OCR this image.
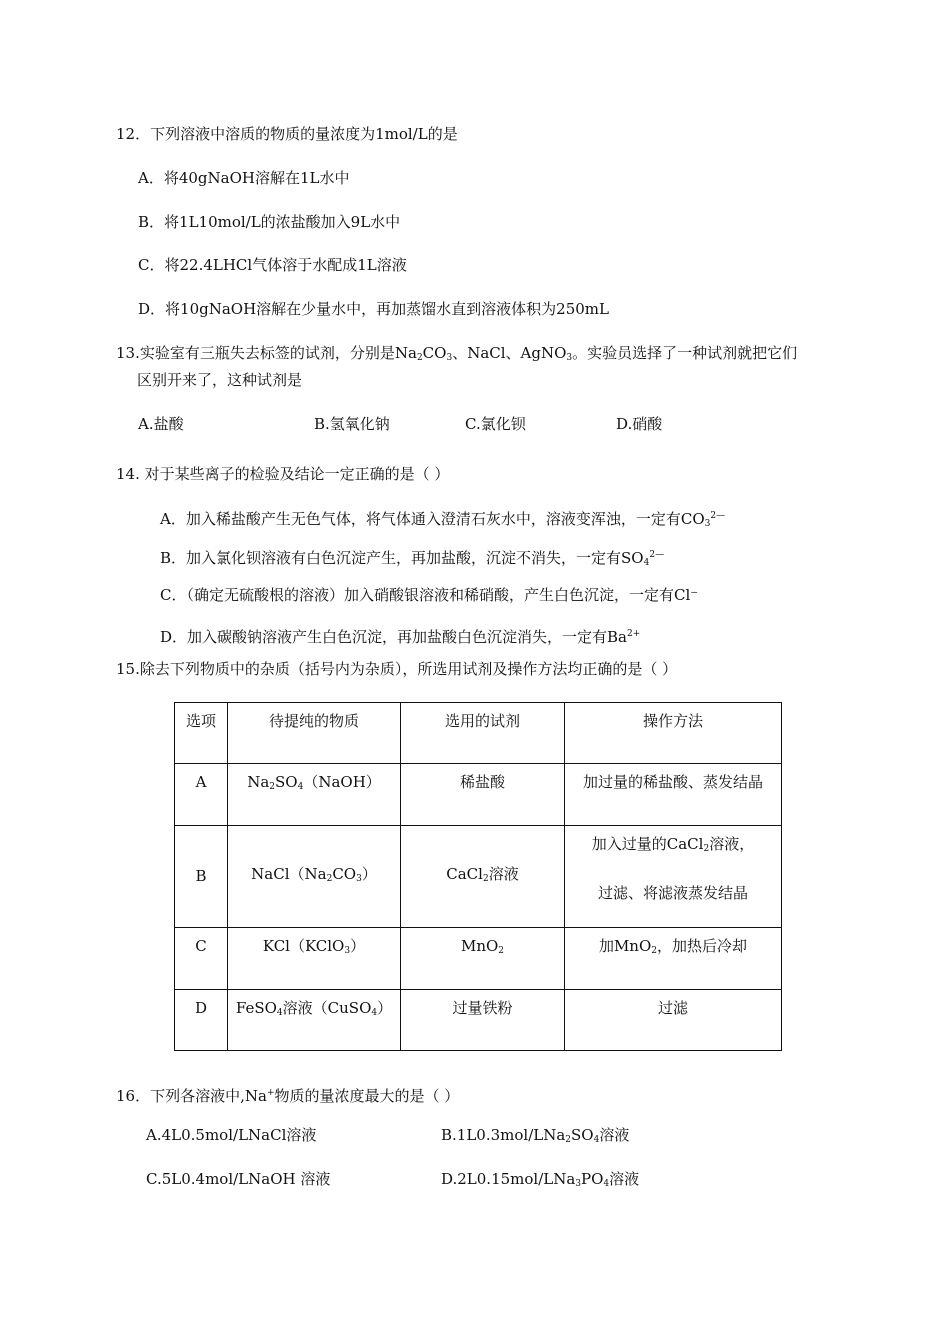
12．下列溶液中溶质的物质的量浓度为1mol/L的是
A．将40gNaOH溶解在1L水中
B．将1L10mol/L的浓盐酸加入9L水中
C．将22.4LHCl气体溶于水配成1L溶液
D．将10gNaOH溶解在少量水中，再加蒸馏水直到溶液体积为250mL
13.实验室有三瓶失去标签的试剂，分别是$Na_2CO_3$、NaCl、AgNO$_3$。实验员选择了一种试剂就把它们
区别开来了，这种试剂是
A.盐酸	B.氢氧化钠	C.氯化钡	D.硝酸
14. 对于某些离子的检验及结论一定正确的是（ ）
A．加入稀盐酸产生无色气体，将气体通入澄清石灰水中，溶液变浑浊，一定有$CO_3^{2—}$
B．加入氯化钡溶液有白色沉淀产生，再加盐酸，沉淀不消失，一定有$SO_4^{2—}$
C．（确定无硫酸根的溶液）加入硝酸银溶液和稀硝酸，产生白色沉淀，一定有Cl⁻
D．加入碳酸钠溶液产生白色沉淀，再加盐酸白色沉淀消失，一定有$Ba^{2+}$
15.除去下列物质中的杂质（括号内为杂质），所选用试剂及操作方法均正确的是（ ）
选项	待提纯的物质	选用的试剂	操作方法
A	$Na_2SO_4(NaOH)$	稀盐酸	加过量的稀盐酸、蒸发结晶
B	$NaCl(Na_2CO_3)$	CaCl$_2$溶液	加入过量的CaCl$_2$溶液，
过滤、将滤液蒸发结晶

C	KCl（KClO$_3$）	MnO$_2$	加MnO$_2$，加热后冷却
D	FeSO$_4$溶液（CuSO$_4$）	过量铁粉	过滤
16．下列各溶液中,Na+物质的量浓度最大的是（ ）
A.4L0.5mol/LNaCl溶液	$B.1L0.3mol/LNa_2SO_4$溶液
C.5L0.4mol/LNaOH 溶液	$D.2L0.15mol/LNa_3PO_4$溶液
